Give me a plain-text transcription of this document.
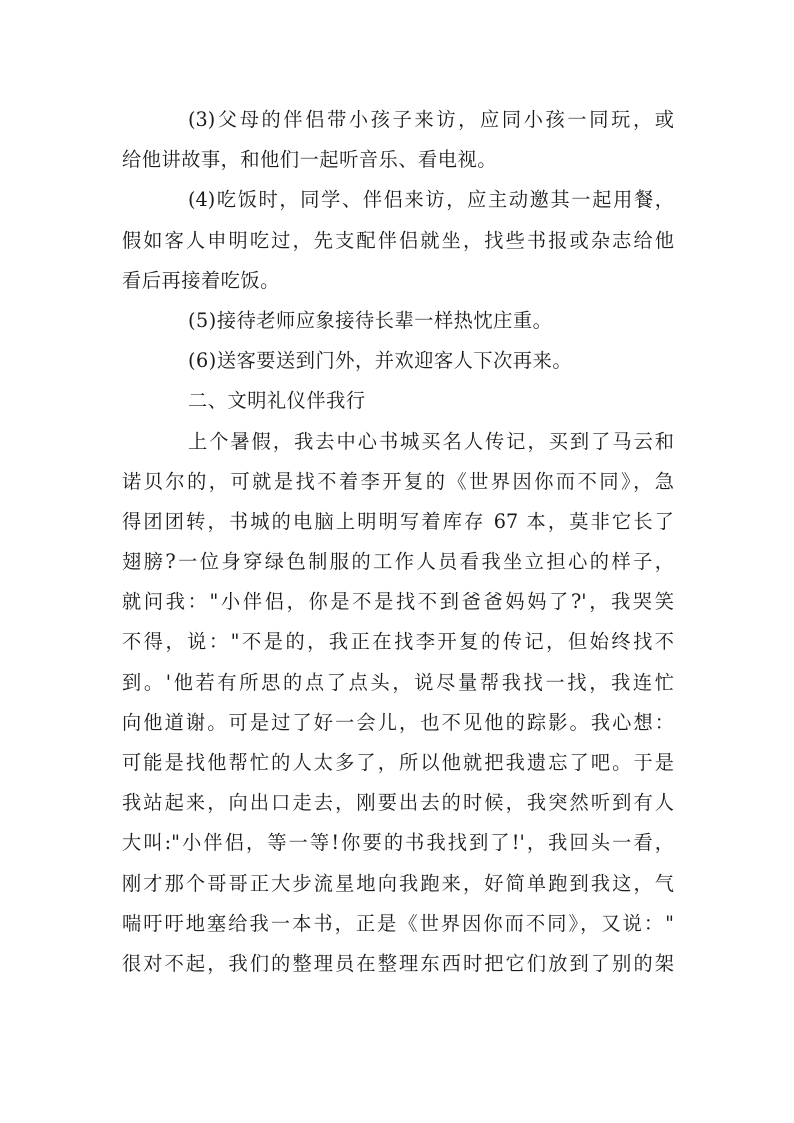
(3)父母的伴侣带小孩子来访，应同小孩一同玩，或
给他讲故事，和他们一起听音乐、看电视。
(4)吃饭时，同学、伴侣来访，应主动邀其一起用餐，
假如客人申明吃过，先支配伴侣就坐，找些书报或杂志给他
看后再接着吃饭。
(5)接待老师应象接待长辈一样热忱庄重。
(6)送客要送到门外，并欢迎客人下次再来。
二、文明礼仪伴我行
上个暑假，我去中心书城买名人传记，买到了马云和
诺贝尔的，可就是找不着李开复的《世界因你而不同》，急
得团团转，书城的电脑上明明写着库存 67 本，莫非它长了
翅膀?一位身穿绿色制服的工作人员看我坐立担心的样子，
就问我："小伴侣，你是不是找不到爸爸妈妈了?'，我哭笑
不得，说："不是的，我正在找李开复的传记，但始终找不
到。'他若有所思的点了点头，说尽量帮我找一找，我连忙
向他道谢。可是过了好一会儿，也不见他的踪影。我心想：
可能是找他帮忙的人太多了，所以他就把我遗忘了吧。于是
我站起来，向出口走去，刚要出去的时候，我突然听到有人
大叫:"小伴侣，等一等!你要的书我找到了!'，我回头一看，
刚才那个哥哥正大步流星地向我跑来，好简单跑到我这，气
喘吁吁地塞给我一本书，正是《世界因你而不同》，又说："
很对不起，我们的整理员在整理东西时把它们放到了别的架
